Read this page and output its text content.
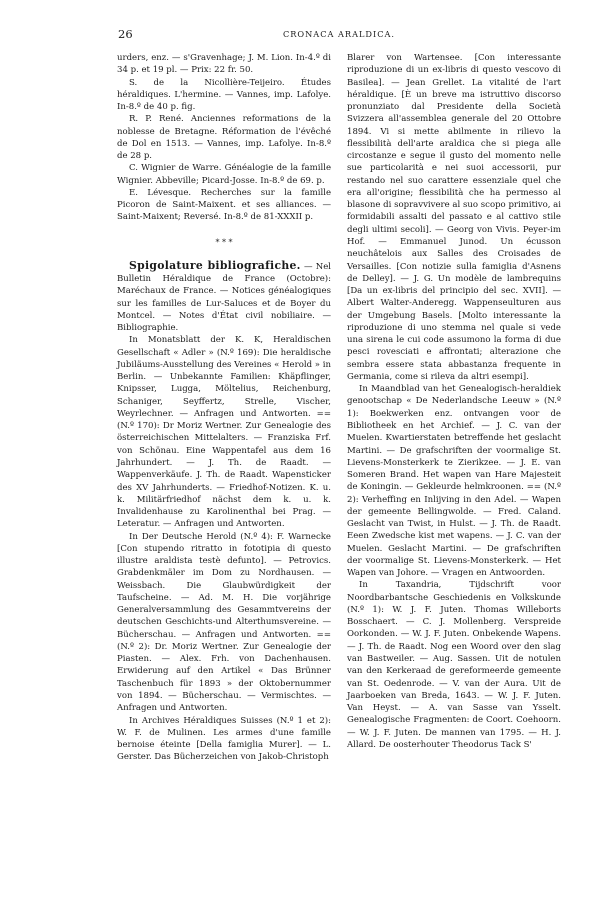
26	CRONACA ARALDICA.

urders, enz. — s'Gravenhage; J. M. Lion. In-4.º di 34 p. et 19 pl. — Prix: 22 fr. 50.

S. de la Nicollière-Teijeiro. Études héraldiques. L'hermine. — Vannes, imp. Lafolye. In-8.º de 40 p. fig.

R. P. René. Anciennes reformations de la noblesse de Bretagne. Réformation de l'évêché de Dol en 1513. — Vannes, imp. Lafolye. In-8.º de 28 p.

C. Wignier de Warre. Généalogie de la famille Wignier. Abbeville; Picard-Josse. In-8.º de 69. p.

E. Lévesque. Recherches sur la famille Picoron de Saint-Maixent. et ses alliances. — Saint-Maixent; Reversé. In-8.º de 81-XXXII p.

* * *

Spigolature bibliografiche. — Nel Bulletin Héraldique de France (Octobre): Maréchaux de France. — Notices généalogiques sur les familles de Lur-Saluces et de Boyer du Montcel. — Notes d'État civil nobiliaire. — Bibliographie.

In Monatsblatt der K. K, Heraldischen Gesellschaft « Adler » (N.º 169): Die heraldische Jubiläums-Ausstellung des Vereines « Herold » in Berlin. — Unbekannte Familien: Khäpflinger, Knipsser, Lugga, Möltelius, Reichenburg, Schaniger, Seyffertz, Strelle, Vischer, Weyrlechner. — Anfragen und Antworten. == (N.º 170): Dr Moriz Wertner. Zur Genealogie des österreichischen Mittelalters. — Franziska Frf. von Schönau. Eine Wappentafel aus dem 16 Jahrhundert. — J. Th. de Raadt. — Wappenverkäufe. J. Th. de Raadt. Wapensticker des XV Jahrhunderts. — Friedhof-Notizen. K. u. k. Militärfriedhof nächst dem k. u. k. Invalidenhause zu Karolinenthal bei Prag. — Leteratur. — Anfragen und Antworten.

In Der Deutsche Herold (N.º 4): F. Warnecke [Con stupendo ritratto in fototipia di questo illustre araldista testè defunto]. — Petrovics. Grabdenkmäler im Dom zu Nordhausen. — Weissbach. Die Glaubwürdigkeit der Taufscheine. — Ad. M. H. Die vorjährige Generalversammlung des Gesammtvereins der deutschen Geschichts-und Alterthumsvereine. — Bücherschau. — Anfragen und Antworten. == (N.º 2): Dr. Moriz Wertner. Zur Genealogie der Piasten. — Alex. Frh. von Dachenhausen. Erwiderung auf den Artikel « Das Brünner Taschenbuch für 1893 » der Oktobernummer von 1894. — Bücherschau. — Vermischtes. — Anfragen und Antworten.

In Archives Héraldiques Suisses (N.º 1 et 2): W. F. de Mulinen. Les armes d'une famille bernoise éteinte [Della famiglia Murer]. — L. Gerster. Das Bücherzeichen von Jakob-Christoph

Blarer von Wartensee. [Con interessante riproduzione di un ex-libris di questo vescovo di Basilea]. — Jean Grellet. La vitalité de l'art héraldique. [È un breve ma istruttivo discorso pronunziato dal Presidente della Società Svizzera all'assemblea generale del 20 Ottobre 1894. Vi si mette abilmente in rilievo la flessibilità dell'arte araldica che si piega alle circostanze e segue il gusto del momento nelle sue particolarità e nei suoi accessorii, pur restando nel suo carattere essenziale quel che era all'origine; flessibilità che ha permesso al blasone di sopravvivere al suo scopo primitivo, ai formidabili assalti del passato e al cattivo stile degli ultimi secoli]. — Georg von Vivis. Peyer-im Hof. — Emmanuel Junod. Un écusson neuchâtelois aux Salles des Croisades de Versailles. [Con notizie sulla famiglia d'Asnens de Delley]. — J. G. Un modèle de lambrequins [Da un ex-libris del principio del sec. XVII]. — Albert Walter-Anderegg. Wappenseulturen aus der Umgebung Basels. [Molto interessante la riproduzione di uno stemma nel quale si vede una sirena le cui code assumono la forma di due pesci rovesciati e affrontati; alterazione che sembra essere stata abbastanza frequente in Germania, come si rileva da altri esempi].

In Maandblad van het Genealogisch-heraldiek genootschap « De Nederlandsche Leeuw » (N.º 1): Boekwerken enz. ontvangen voor de Bibliotheek en het Archief. — J. C. van der Muelen. Kwartierstaten betreffende het geslacht Martini. — De grafschriften der voormalige St. Lievens-Monsterkerk te Zierikzee. — J. E. van Someren Brand. Het wapen van Hare Majesteit de Koningin. — Gekleurde helmkroonen. == (N.º 2): Verheffing en Inlijving in den Adel. — Wapen der gemeente Bellingwolde. — Fred. Caland. Geslacht van Twist, in Hulst. — J. Th. de Raadt. Eeen Zwedsche kist met wapens. — J. C. van der Muelen. Geslacht Martini. — De grafschriften der voormalige St. Lievens-Monsterkerk. — Het Wapen van Johore. — Vragen en Antwoorden.

In Taxandria, Tijdschrift voor Noordbarbantsche Geschiedenis en Volkskunde (N.º 1): W. J. F. Juten. Thomas Willeborts Bosschaert. — C. J. Mollenberg. Verspreide Oorkonden. — W. J. F. Juten. Onbekende Wapens. — J. Th. de Raadt. Nog een Woord over den slag van Bastweiler. — Aug. Sassen. Uit de notulen van den Kerkeraad de gereformeerde gemeente van St. Oedenrode. — V. van der Aura. Uit de Jaarboeken van Breda, 1643. — W. J. F. Juten. Van Heyst. — A. van Sasse van Ysselt. Genealogische Fragmenten: de Coort. Coehoorn. — W. J. F. Juten. De mannen van 1795. — H. J. Allard. De oosterhouter Theodorus Tack S'
